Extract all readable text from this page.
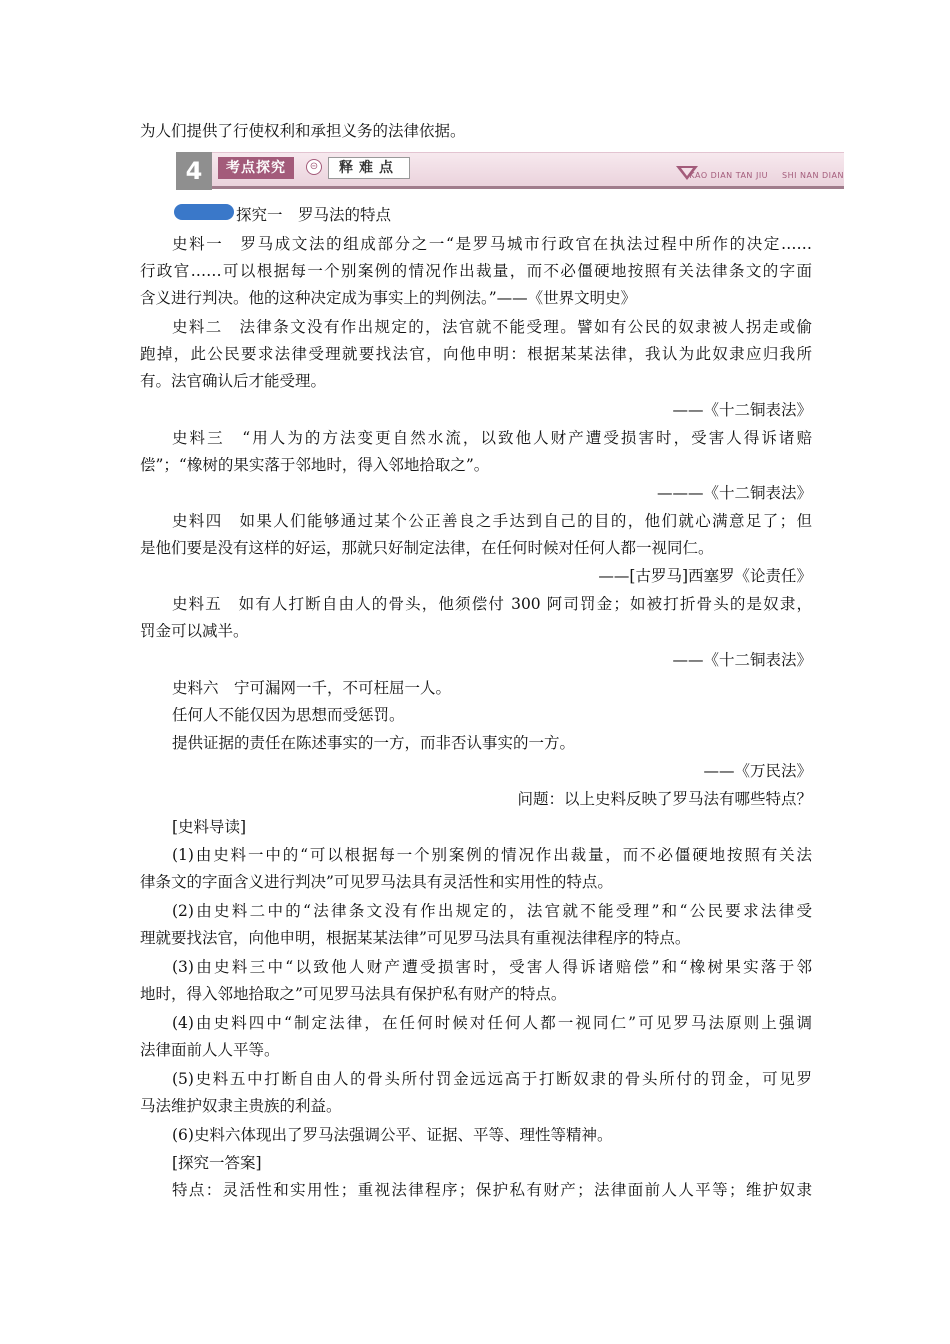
为人们提供了行使权利和承担义务的法律依据。
4	考点探究	⊝	释难点	KAO DIAN TAN JIU SHI NAN DIAN
探究一　罗马法的特点
史料一　罗马成文法的组成部分之一“是罗马城市行政官在执法过程中所作的决定……
行政官……可以根据每一个别案例的情况作出裁量，而不必僵硬地按照有关法律条文的字面
含义进行判决。他的这种决定成为事实上的判例法。”——《世界文明史》
史料二　法律条文没有作出规定的，法官就不能受理。譬如有公民的奴隶被人拐走或偷
跑掉，此公民要求法律受理就要找法官，向他申明：根据某某法律，我认为此奴隶应归我所
有。法官确认后才能受理。
——《十二铜表法》
史料三　“用人为的方法变更自然水流，以致他人财产遭受损害时，受害人得诉诸赔
偿”；“橡树的果实落于邻地时，得入邻地拾取之”。
———《十二铜表法》
史料四　如果人们能够通过某个公正善良之手达到自己的目的，他们就心满意足了；但
是他们要是没有这样的好运，那就只好制定法律，在任何时候对任何人都一视同仁。
——[古罗马]西塞罗《论责任》
史料五　如有人打断自由人的骨头，他须偿付 300 阿司罚金；如被打折骨头的是奴隶，
罚金可以减半。
——《十二铜表法》
史料六　宁可漏网一千，不可枉屈一人。
任何人不能仅因为思想而受惩罚。
提供证据的责任在陈述事实的一方，而非否认事实的一方。
——《万民法》
问题：以上史料反映了罗马法有哪些特点？
[史料导读]
(1)由史料一中的“可以根据每一个别案例的情况作出裁量，而不必僵硬地按照有关法
律条文的字面含义进行判决”可见罗马法具有灵活性和实用性的特点。
(2)由史料二中的“法律条文没有作出规定的，法官就不能受理”和“公民要求法律受
理就要找法官，向他申明，根据某某法律”可见罗马法具有重视法律程序的特点。
(3)由史料三中“以致他人财产遭受损害时，受害人得诉诸赔偿”和“橡树果实落于邻
地时，得入邻地拾取之”可见罗马法具有保护私有财产的特点。
(4)由史料四中“制定法律，在任何时候对任何人都一视同仁”可见罗马法原则上强调
法律面前人人平等。
(5)史料五中打断自由人的骨头所付罚金远远高于打断奴隶的骨头所付的罚金，可见罗
马法维护奴隶主贵族的利益。
(6)史料六体现出了罗马法强调公平、证据、平等、理性等精神。
[探究一答案]
特点：灵活性和实用性；重视法律程序；保护私有财产；法律面前人人平等；维护奴隶
